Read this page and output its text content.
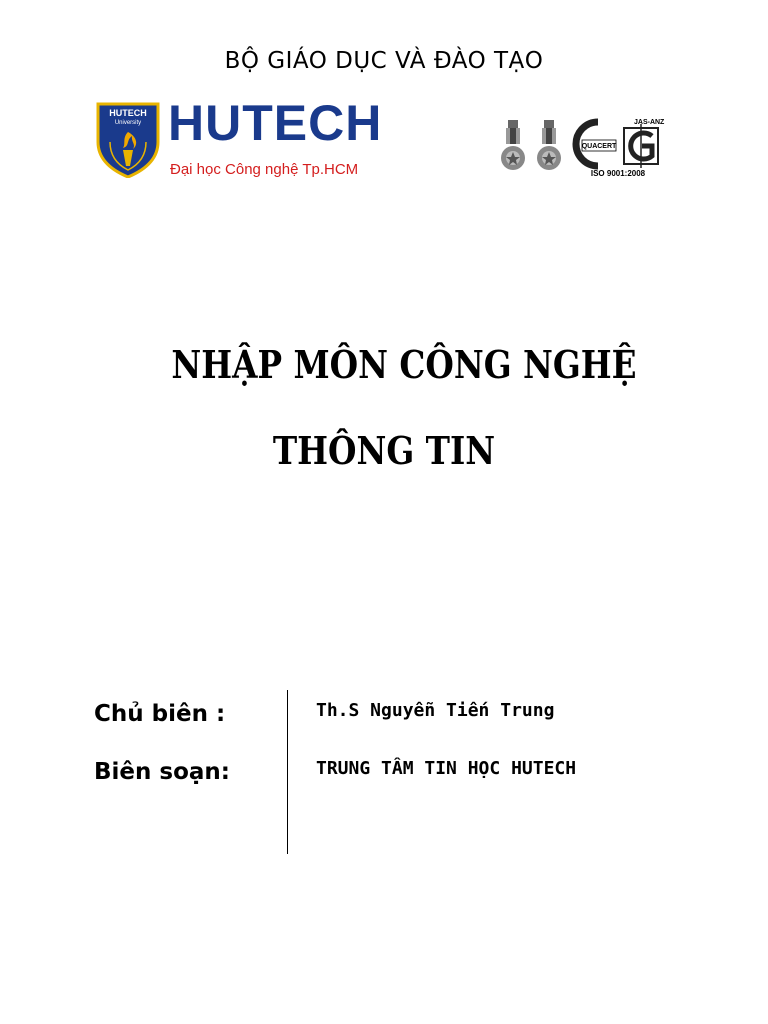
BỘ GIÁO DỤC VÀ ĐÀO TẠO
HUTECH
University HUTECH
Đại học Công nghệ Tp.HCM
JAS-ANZ
QUACERT
ISO 9001:2008
NHẬP MÔN CÔNG NGHỆ
THÔNG TIN
Chủ biên :	Th.S Nguyễn Tiến Trung
Biên soạn:	TRUNG TÂM TIN HỌC HUTECH
